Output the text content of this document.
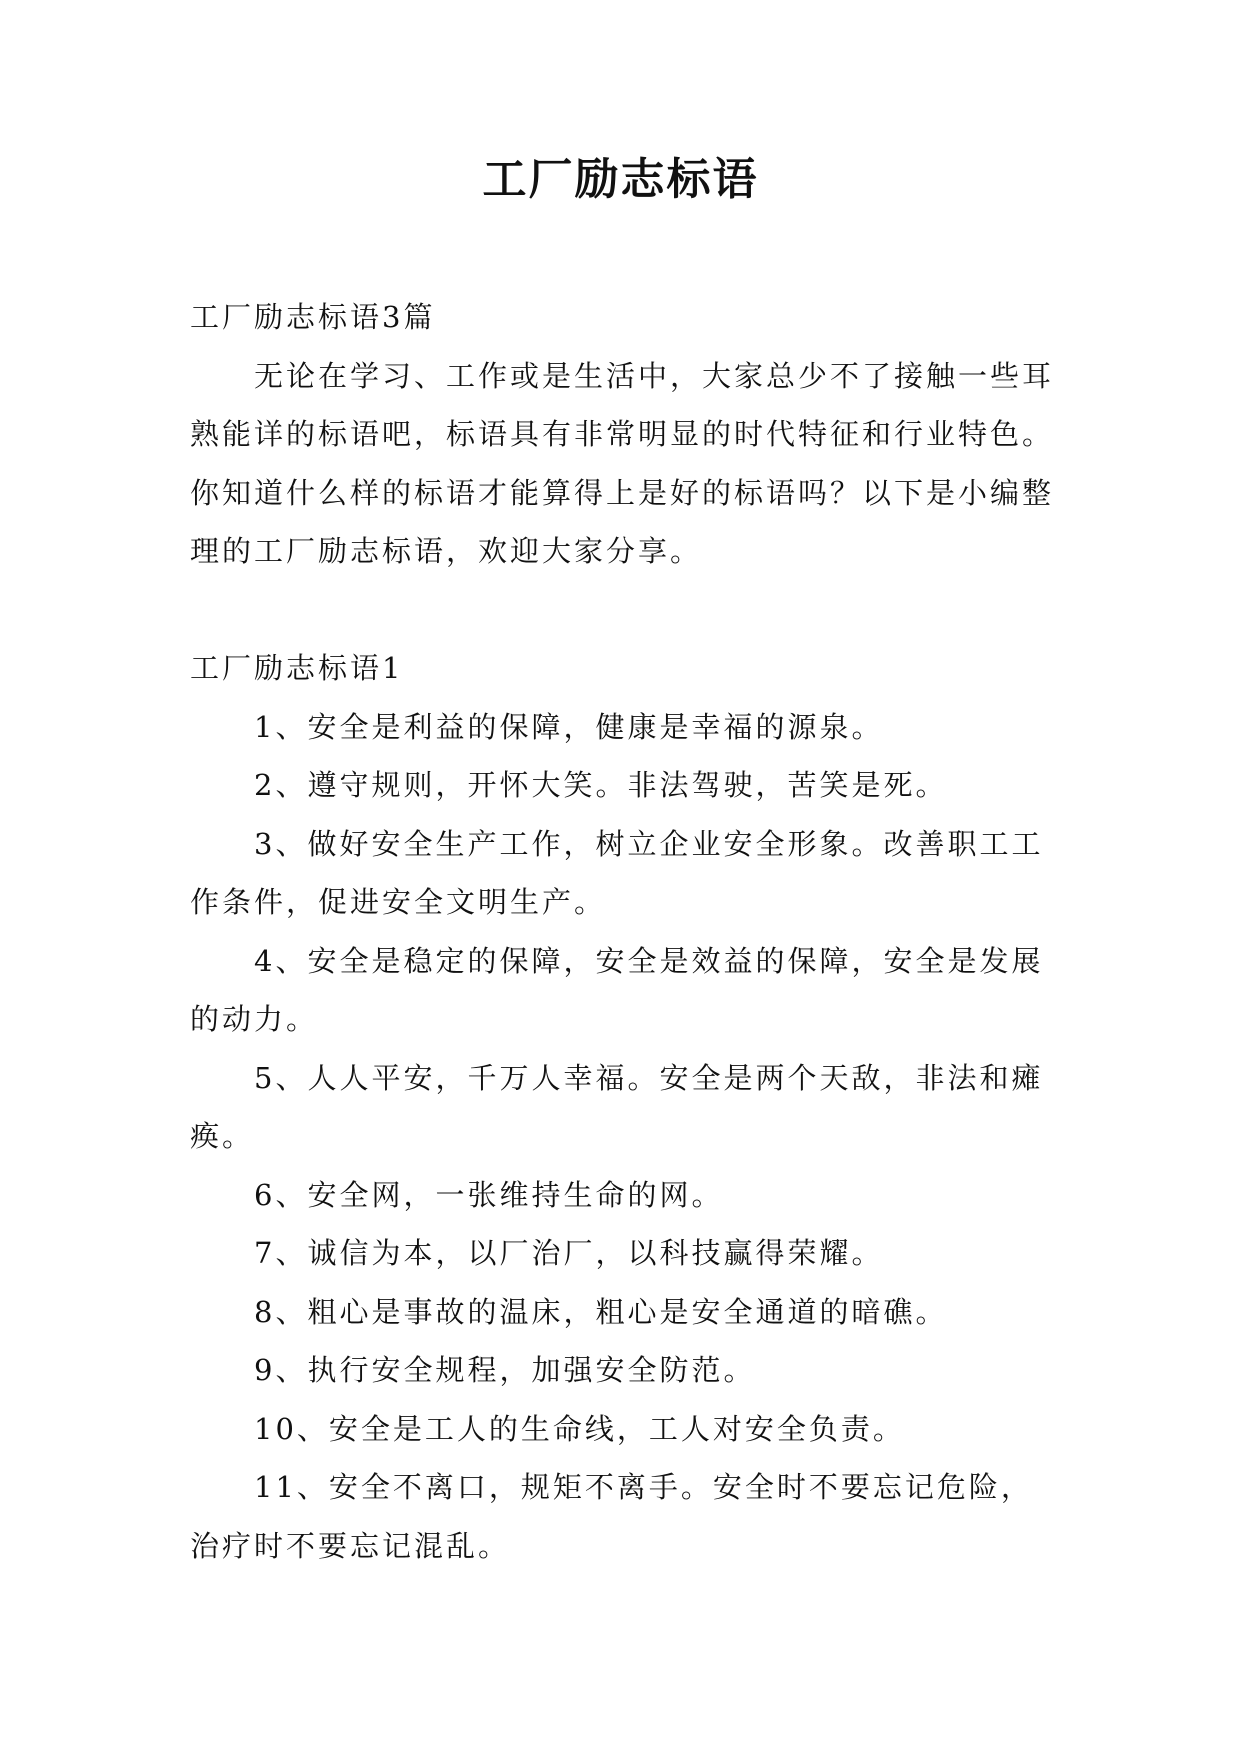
工厂励志标语

工厂励志标语3篇

无论在学习、工作或是生活中，大家总少不了接触一些耳熟能详的标语吧，标语具有非常明显的时代特征和行业特色。你知道什么样的标语才能算得上是好的标语吗？以下是小编整理的工厂励志标语，欢迎大家分享。

工厂励志标语1

1、安全是利益的保障，健康是幸福的源泉。

2、遵守规则，开怀大笑。非法驾驶，苦笑是死。

3、做好安全生产工作，树立企业安全形象。改善职工工作条件，促进安全文明生产。

4、安全是稳定的保障，安全是效益的保障，安全是发展的动力。

5、人人平安，千万人幸福。安全是两个天敌，非法和瘫痪。

6、安全网，一张维持生命的网。

7、诚信为本，以厂治厂，以科技赢得荣耀。

8、粗心是事故的温床，粗心是安全通道的暗礁。

9、执行安全规程，加强安全防范。

10、安全是工人的生命线，工人对安全负责。

11、安全不离口，规矩不离手。安全时不要忘记危险，治疗时不要忘记混乱。
